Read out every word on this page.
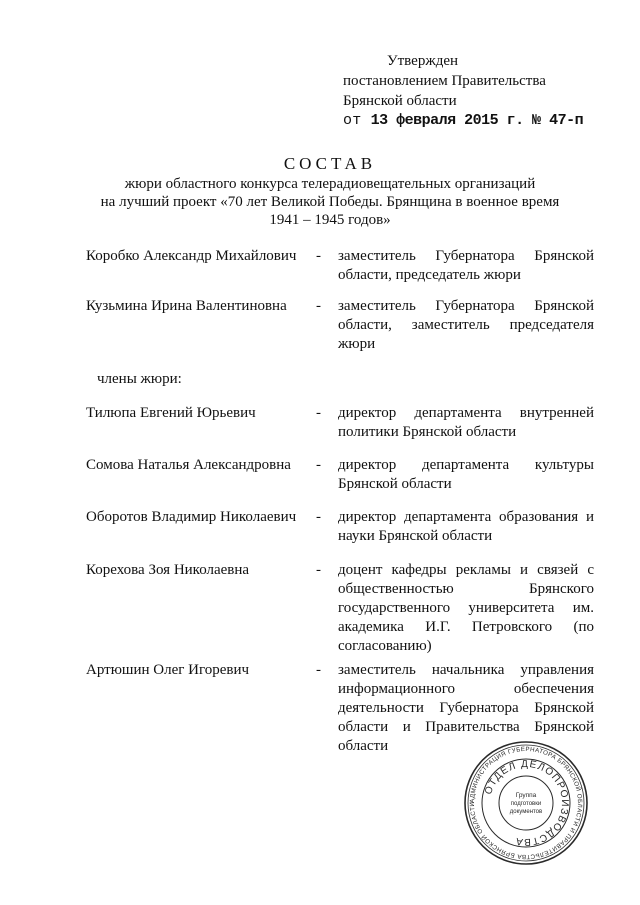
Утвержден
постановлением Правительства
Брянской области
от 13 февраля 2015 г. № 47-п
СОСТАВ
жюри областного конкурса телерадиовещательных организаций
на лучший проект «70 лет Великой Победы. Брянщина в военное время
1941 – 1945 годов»
Коробко Александр Михайлович	- заместитель Губернатора Брянской области, председатель жюри
Кузьмина Ирина Валентиновна	- заместитель Губернатора Брянской области, заместитель председателя жюри
члены жюри:
Тилюпа Евгений Юрьевич	- директор департамента внутренней политики Брянской области
Сомова Наталья Александровна	- директор департамента культуры Брянской области
Оборотов Владимир Николаевич	- директор департамента образования и науки Брянской области
Корехова Зоя Николаевна	- доцент кафедры рекламы и связей с общественностью Брянского государственного университета им. академика И.Г. Петровского (по согласованию)
Артюшин Олег Игоревич	- заместитель начальника управления информационного обеспечения деятельности Губернатора Брянской области и Правительства Брянской области
АДМИНИСТРАЦИЯ ГУБЕРНАТОРА БРЯНСКОЙ ОБЛАСТИ И ПРАВИТЕЛЬСТВА БРЯНСКОЙ ОБЛАСТИ
ОТДЕЛ ДЕЛОПРОИЗВОДСТВА
Группа
подготовки
документов
